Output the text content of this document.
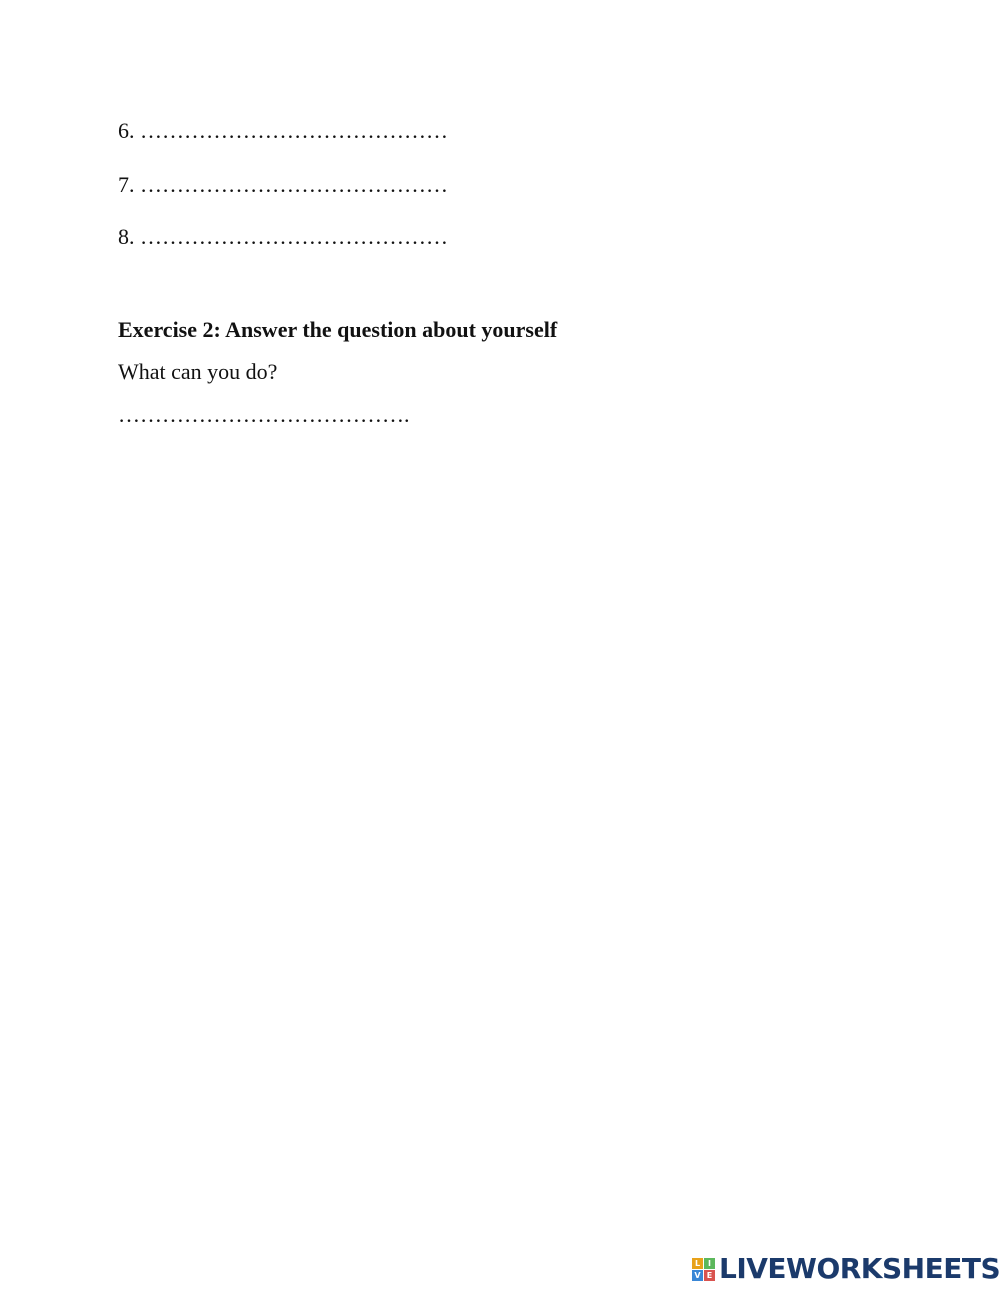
6. ……………………………………
7. ……………………………………
8. ……………………………………
Exercise 2: Answer the question about yourself
What can you do?
………………………………….
L I
V E LIVEWORKSHEETS
